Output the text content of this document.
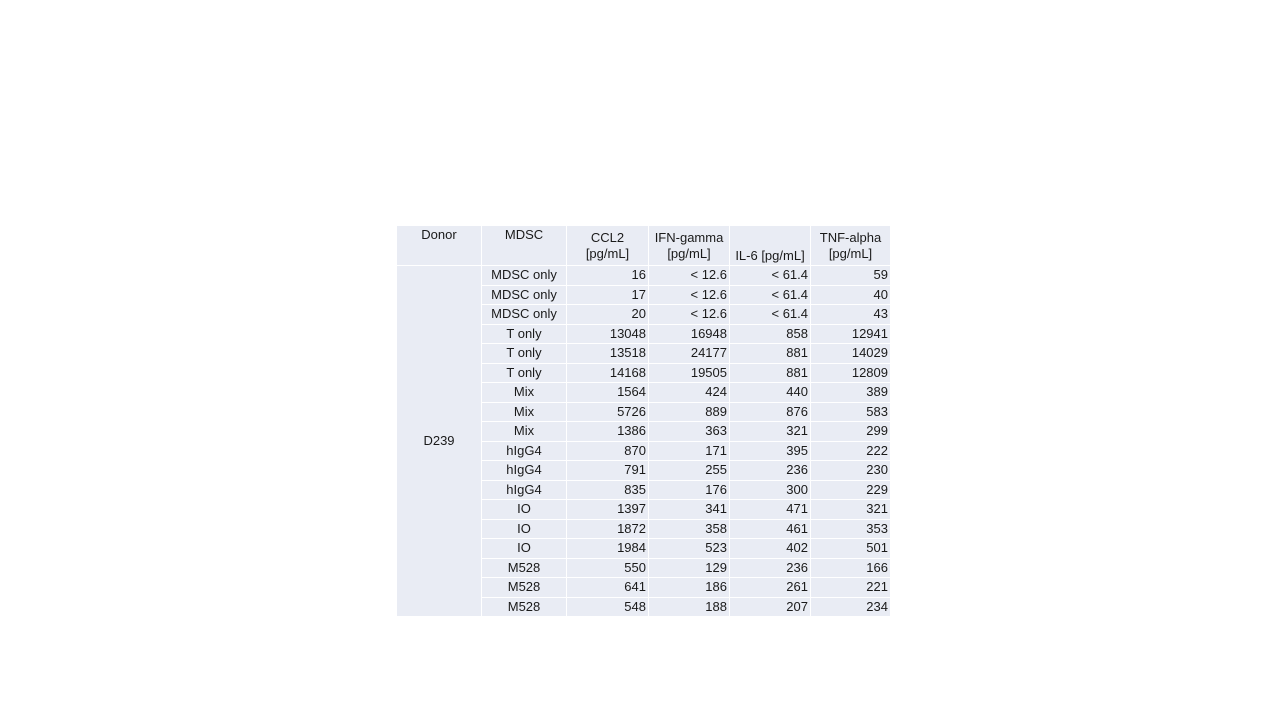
Donor	MDSC	CCL2 [pg/mL]	IFN-gamma [pg/mL]	IL-6 [pg/mL]	TNF-alpha [pg/mL]
D239	MDSC only	16	< 12.6	< 61.4	59
	MDSC only	17	< 12.6	< 61.4	40
	MDSC only	20	< 12.6	< 61.4	43
	T only	13048	16948	858	12941
	T only	13518	24177	881	14029
	T only	14168	19505	881	12809
	Mix	1564	424	440	389
	Mix	5726	889	876	583
	Mix	1386	363	321	299
	hIgG4	870	171	395	222
	hIgG4	791	255	236	230
	hIgG4	835	176	300	229
	IO	1397	341	471	321
	IO	1872	358	461	353
	IO	1984	523	402	501
	M528	550	129	236	166
	M528	641	186	261	221
	M528	548	188	207	234
